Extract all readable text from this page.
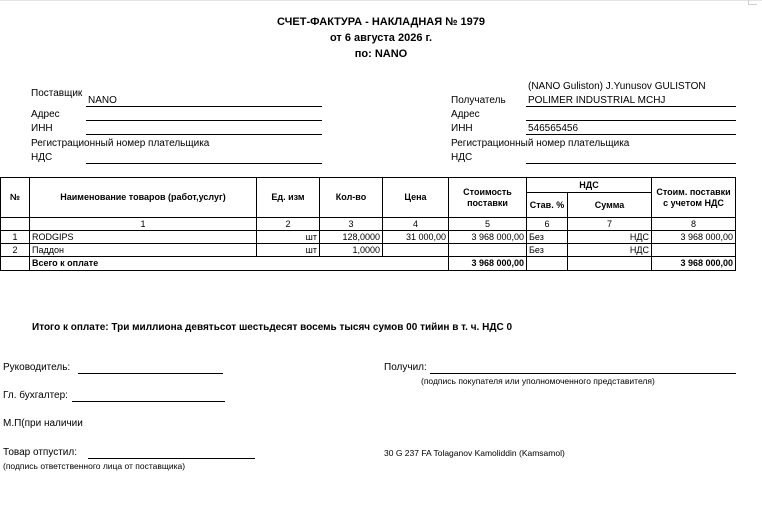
СЧЕТ-ФАКТУРА - НАКЛАДНАЯ № 1979
от 6 августа 2026 г.
по: NANO
Поставщик
NANO
Адрес
ИНН
Регистрационный номер плательщика
НДС
(NANO Guliston) J.Yunusov GULISTON
Получатель POLIMER INDUSTRIAL MCHJ
Адрес
ИНН	546565456
Регистрационный номер плательщика
НДС
№	Наименование товаров (работ,услуг)	Ед. изм	Кол-во	Цена	Стоимость поставки	НДС		Стоим. поставки с учетом НДС
						Став. %	Сумма	
	1	2	3	4	5	6	7	8
1	RODGIPS	шт	128,0000	31 000,00	3 968 000,00	Без	НДС	3 968 000,00
2	Паддон	шт	1,0000			Без	НДС	
	Всего к оплате				3 968 000,00			3 968 000,00
Итого к оплате: Три миллиона девятьсот шестьдесят восемь тысяч сумов 00 тийин в т. ч. НДС 0
Руководитель:	Получил:
(подпись покупателя или уполномоченного представителя)
Гл. бухгалтер:
М.П(при наличии
Товар отпустил:
(подпись ответственного лица от поставщика)
30 G 237 FA Tolaganov Kamoliddin (Kamsamol)
